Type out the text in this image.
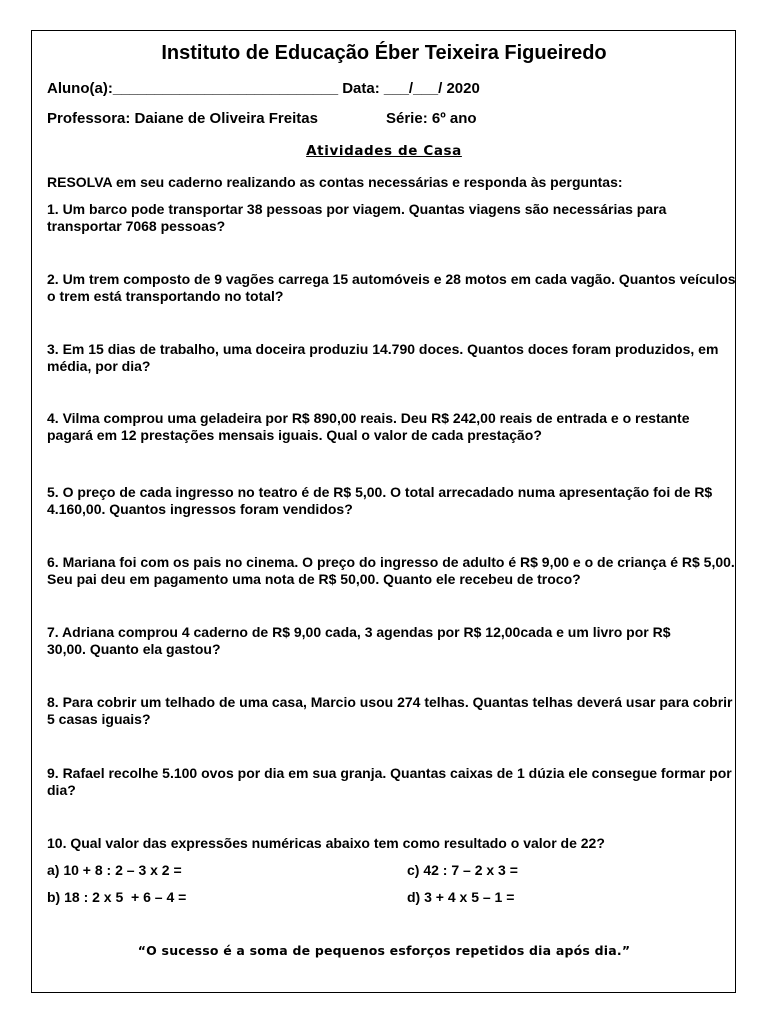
Instituto de Educação Éber Teixeira Figueiredo
Aluno(a):___________________________ Data: ___/___/ 2020
Professora: Daiane de Oliveira Freitas	Série: 6º ano
Atividades de Casa
RESOLVA em seu caderno realizando as contas necessárias e responda às perguntas:
1. Um barco pode transportar 38 pessoas por viagem. Quantas viagens são necessárias para transportar 7068 pessoas?
2. Um trem composto de 9 vagões carrega 15 automóveis e 28 motos em cada vagão. Quantos veículos o trem está transportando no total?
3. Em 15 dias de trabalho, uma doceira produziu 14.790 doces. Quantos doces foram produzidos, em média, por dia?
4. Vilma comprou uma geladeira por R$ 890,00 reais. Deu R$ 242,00 reais de entrada e o restante pagará em 12 prestações mensais iguais. Qual o valor de cada prestação?
5. O preço de cada ingresso no teatro é de R$ 5,00. O total arrecadado numa apresentação foi de R$ 4.160,00. Quantos ingressos foram vendidos?
6. Mariana foi com os pais no cinema. O preço do ingresso de adulto é R$ 9,00 e o de criança é R$ 5,00. Seu pai deu em pagamento uma nota de R$ 50,00. Quanto ele recebeu de troco?
7. Adriana comprou 4 caderno de R$ 9,00 cada, 3 agendas por R$ 12,00cada e um livro por R$ 30,00. Quanto ela gastou?
8. Para cobrir um telhado de uma casa, Marcio usou 274 telhas. Quantas telhas deverá usar para cobrir 5 casas iguais?
9. Rafael recolhe 5.100 ovos por dia em sua granja. Quantas caixas de 1 dúzia ele consegue formar por dia?
10. Qual valor das expressões numéricas abaixo tem como resultado o valor de 22?
a) 10 + 8 : 2 – 3 x 2 =
b) 18 : 2 x 5  + 6 – 4 =
c) 42 : 7 – 2 x 3 =
d) 3 + 4 x 5 – 1 =
“O sucesso é a soma de pequenos esforços repetidos dia após dia.”
